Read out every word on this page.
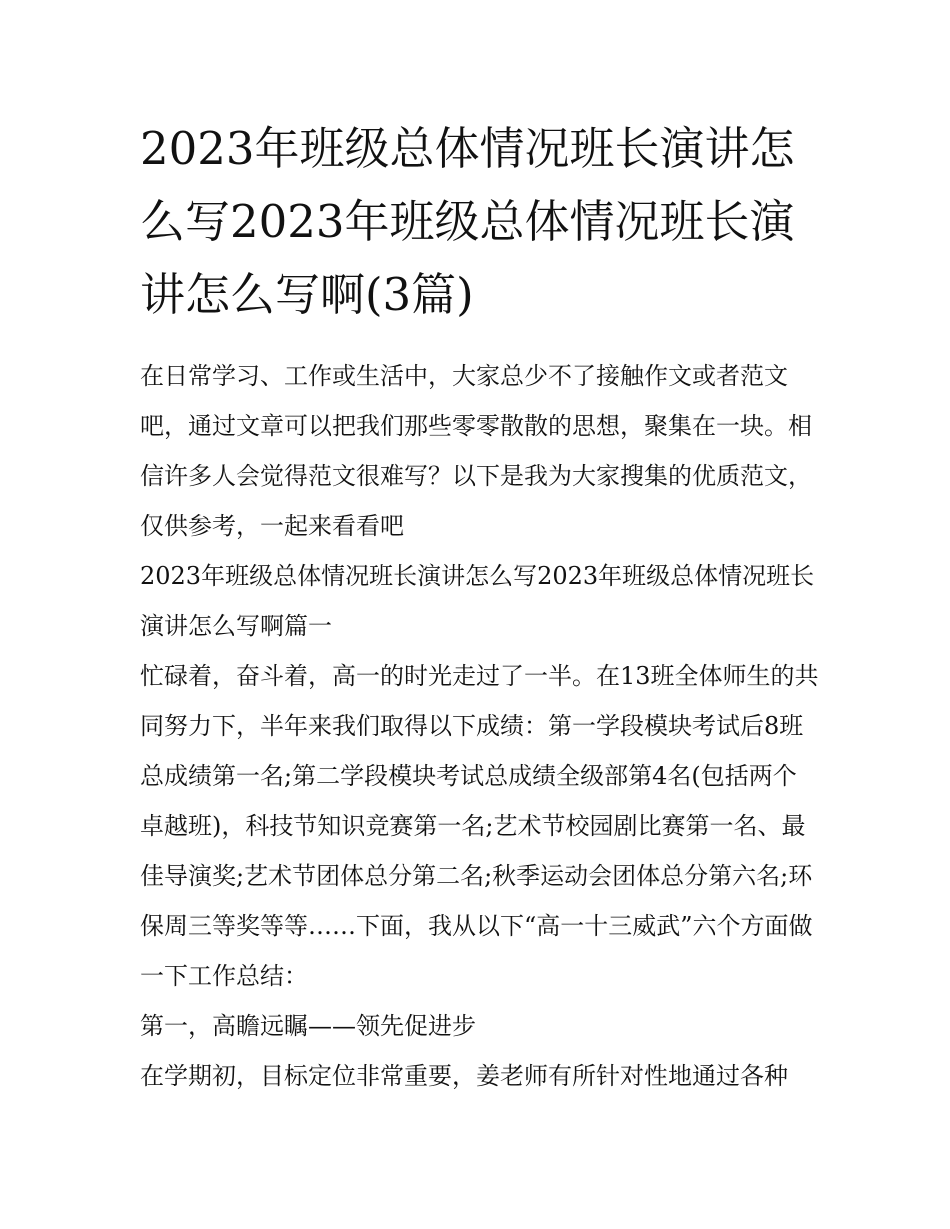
2023年班级总体情况班长演讲怎么写2023年班级总体情况班长演讲怎么写啊(3篇)

在日常学习、工作或生活中，大家总少不了接触作文或者范文吧，通过文章可以把我们那些零零散散的思想，聚集在一块。相信许多人会觉得范文很难写？以下是我为大家搜集的优质范文，仅供参考，一起来看看吧

2023年班级总体情况班长演讲怎么写2023年班级总体情况班长演讲怎么写啊篇一

忙碌着，奋斗着，高一的时光走过了一半。在13班全体师生的共同努力下，半年来我们取得以下成绩：第一学段模块考试后8班总成绩第一名;第二学段模块考试总成绩全级部第4名(包括两个卓越班)，科技节知识竞赛第一名;艺术节校园剧比赛第一名、最佳导演奖;艺术节团体总分第二名;秋季运动会团体总分第六名;环保周三等奖等等……下面，我从以下“高一十三威武”六个方面做一下工作总结：

第一，高瞻远瞩——领先促进步

在学期初，目标定位非常重要，姜老师有所针对性地通过各种
